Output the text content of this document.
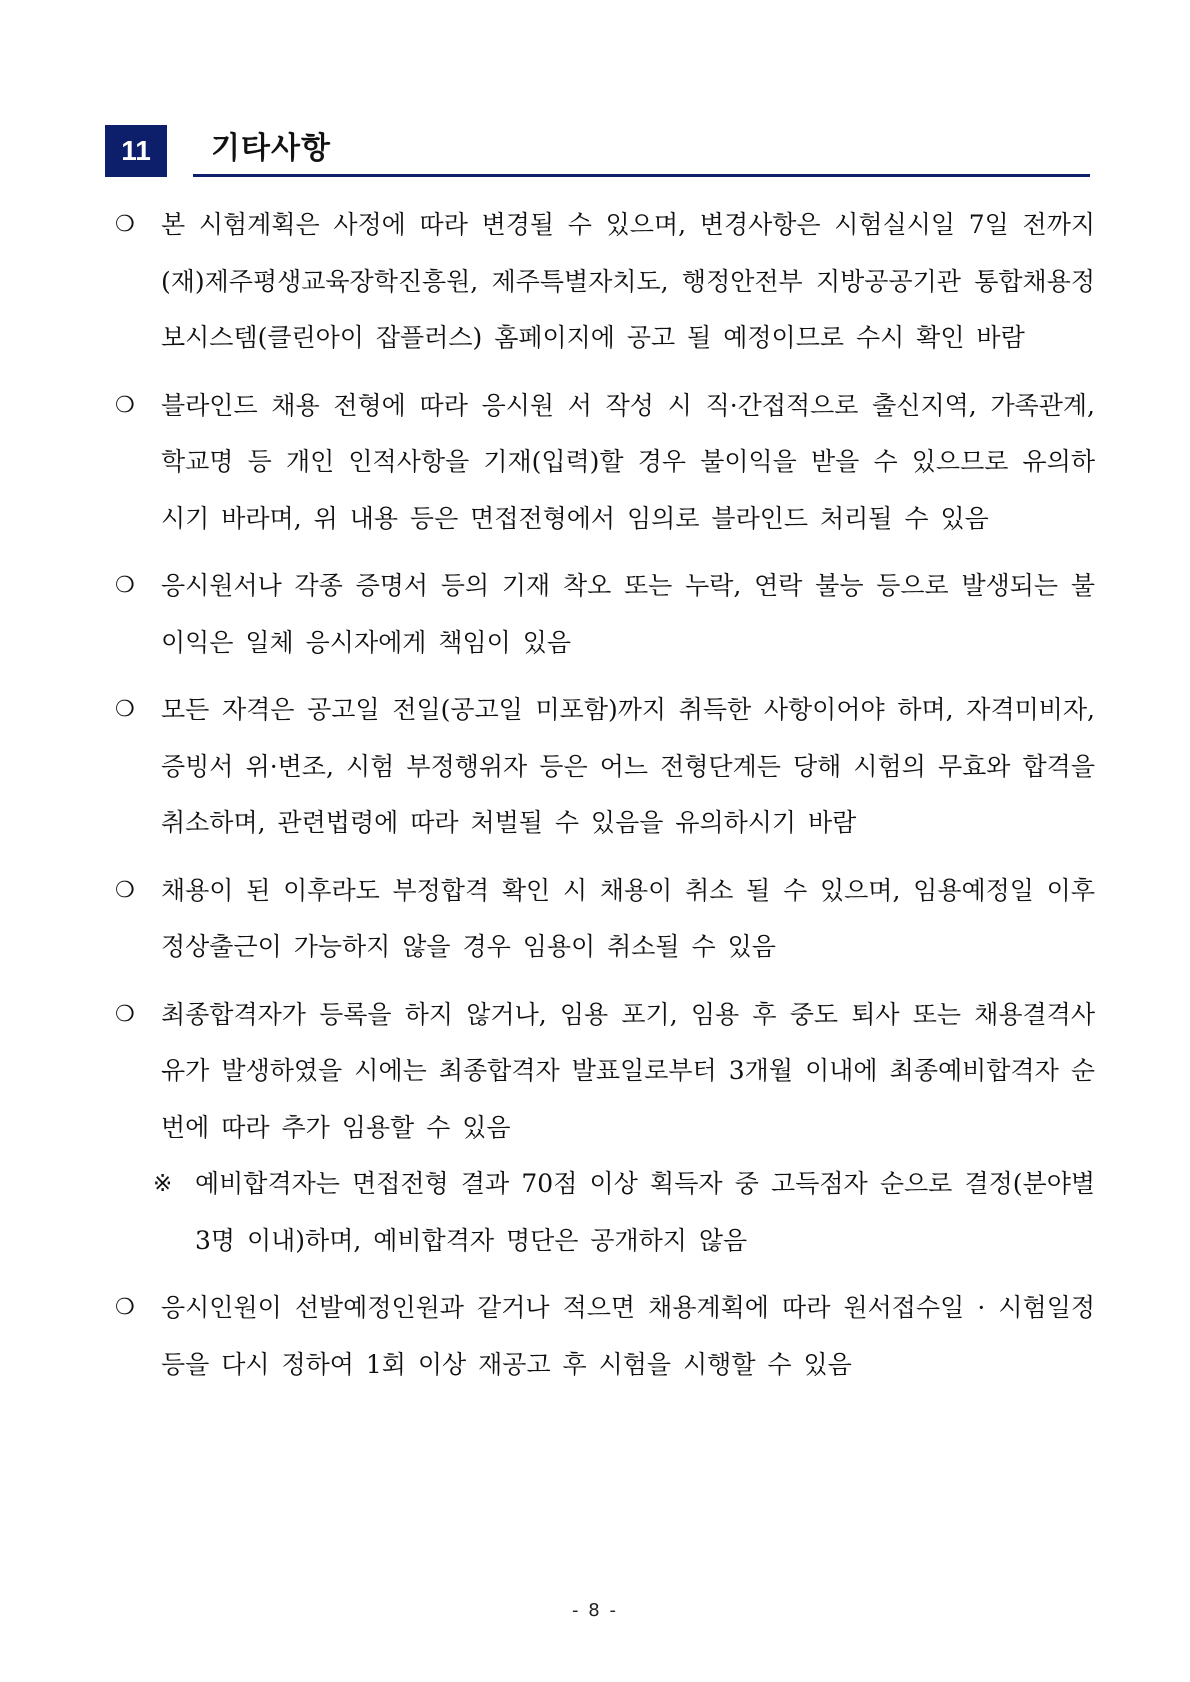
11	기타사항
❍ 본 시험계획은 사정에 따라 변경될 수 있으며, 변경사항은 시험실시일 7일 전까지 (재)제주평생교육장학진흥원, 제주특별자치도, 행정안전부 지방공공기관 통합채용정보시스템(클린아이 잡플러스) 홈페이지에 공고 될 예정이므로 수시 확인 바람
❍ 블라인드 채용 전형에 따라 응시원 서 작성 시 직·간접적으로 출신지역, 가족관계, 학교명 등 개인 인적사항을 기재(입력)할 경우 불이익을 받을 수 있으므로 유의하시기 바라며, 위 내용 등은 면접전형에서 임의로 블라인드 처리될 수 있음
❍ 응시원서나 각종 증명서 등의 기재 착오 또는 누락, 연락 불능 등으로 발생되는 불이익은 일체 응시자에게 책임이 있음
❍ 모든 자격은 공고일 전일(공고일 미포함)까지 취득한 사항이어야 하며, 자격미비자, 증빙서 위·변조, 시험 부정행위자 등은 어느 전형단계든 당해 시험의 무효와 합격을 취소하며, 관련법령에 따라 처벌될 수 있음을 유의하시기 바람
❍ 채용이 된 이후라도 부정합격 확인 시 채용이 취소 될 수 있으며, 임용예정일 이후 정상출근이 가능하지 않을 경우 임용이 취소될 수 있음
❍ 최종합격자가 등록을 하지 않거나, 임용 포기, 임용 후 중도 퇴사 또는 채용결격사유가 발생하였을 시에는 최종합격자 발표일로부터 3개월 이내에 최종예비합격자 순번에 따라 추가 임용할 수 있음
※ 예비합격자는 면접전형 결과 70점 이상 획득자 중 고득점자 순으로 결정(분야별 3명 이내)하며, 예비합격자 명단은 공개하지 않음
❍ 응시인원이 선발예정인원과 같거나 적으면 채용계획에 따라 원서접수일 · 시험일정 등을 다시 정하여 1회 이상 재공고 후 시험을 시행할 수 있음
- 8 -
